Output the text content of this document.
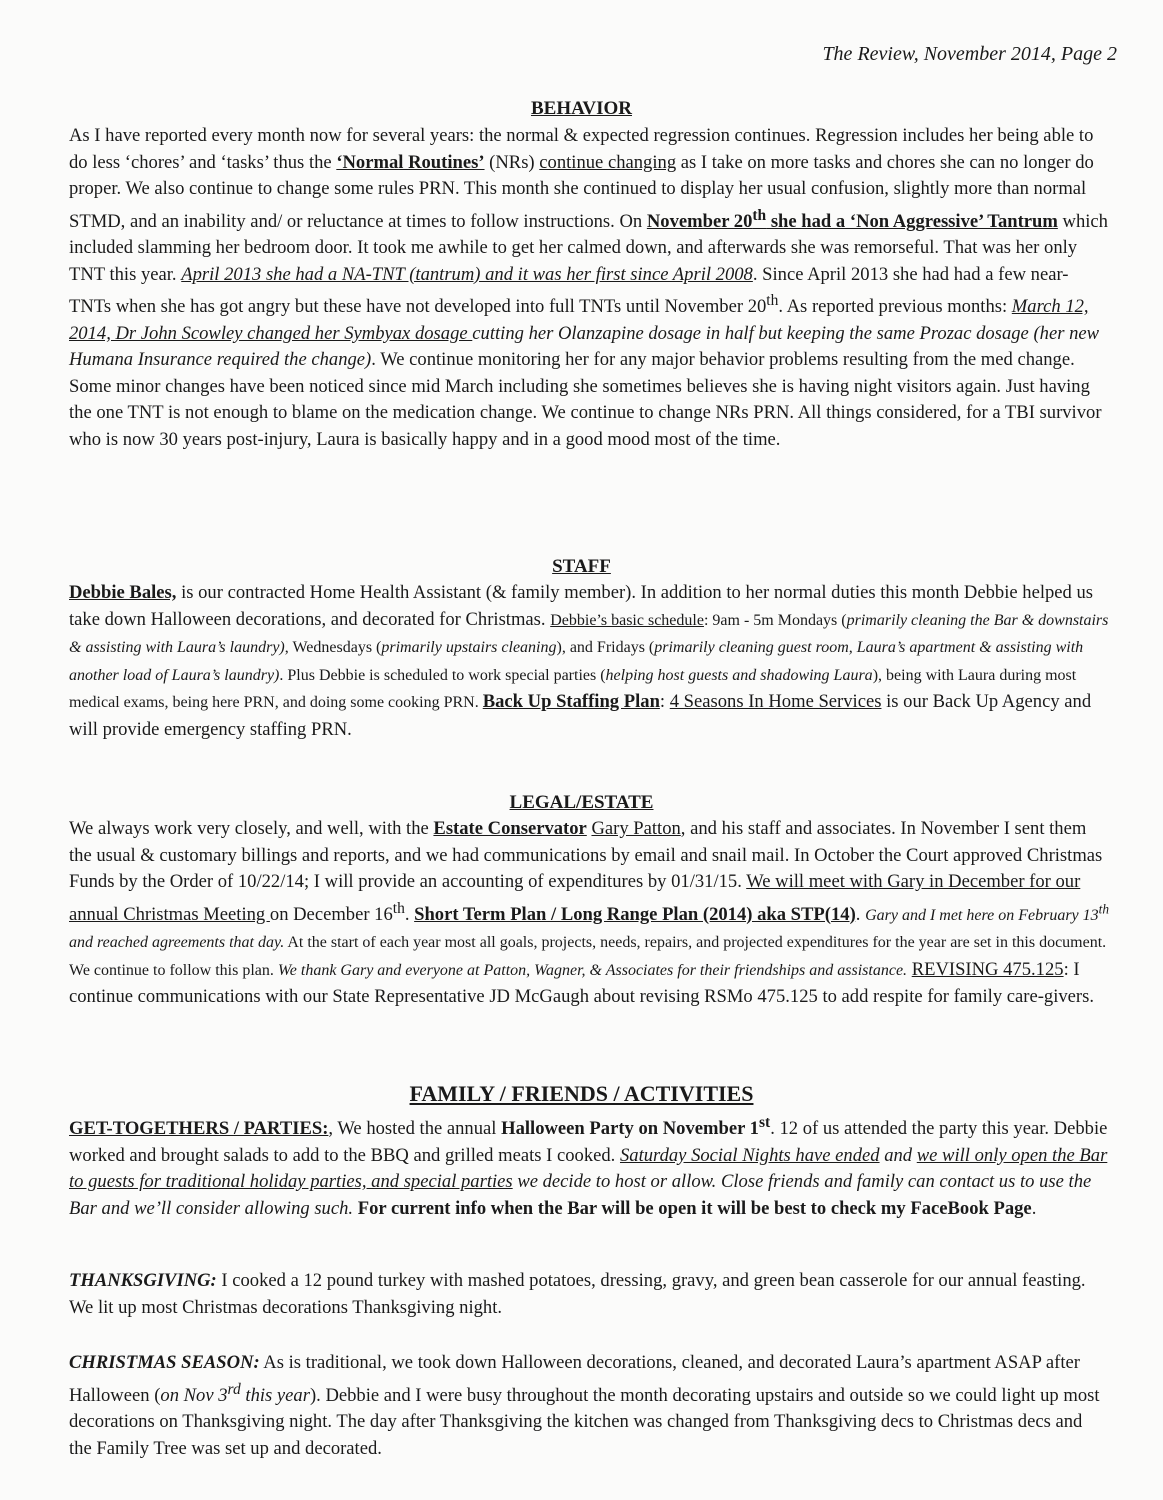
The Review, November 2014, Page 2
BEHAVIOR

As I have reported every month now for several years: the normal & expected regression continues. Regression includes her being able to do less ‘chores’ and ‘tasks’ thus the ‘Normal Routines’ (NRs) continue changing as I take on more tasks and chores she can no longer do proper. We also continue to change some rules PRN. This month she continued to display her usual confusion, slightly more than normal STMD, and an inability and/ or reluctance at times to follow instructions. On November 20th she had a ‘Non Aggressive’ Tantrum which included slamming her bedroom door. It took me awhile to get her calmed down, and afterwards she was remorseful. That was her only TNT this year. April 2013 she had a NA-TNT (tantrum) and it was her first since April 2008. Since April 2013 she had had a few near-TNTs when she has got angry but these have not developed into full TNTs until November 20th. As reported previous months: March 12, 2014, Dr John Scowley changed her Symbyax dosage cutting her Olanzapine dosage in half but keeping the same Prozac dosage (her new Humana Insurance required the change). We continue monitoring her for any major behavior problems resulting from the med change. Some minor changes have been noticed since mid March including she sometimes believes she is having night visitors again. Just having the one TNT is not enough to blame on the medication change. We continue to change NRs PRN. All things considered, for a TBI survivor who is now 30 years post-injury, Laura is basically happy and in a good mood most of the time.

STAFF

Debbie Bales, is our contracted Home Health Assistant (& family member). In addition to her normal duties this month Debbie helped us take down Halloween decorations, and decorated for Christmas. Debbie’s basic schedule: 9am - 5m Mondays (primarily cleaning the Bar & downstairs & assisting with Laura’s laundry), Wednesdays (primarily upstairs cleaning), and Fridays (primarily cleaning guest room, Laura’s apartment & assisting with another load of Laura’s laundry). Plus Debbie is scheduled to work special parties (helping host guests and shadowing Laura), being with Laura during most medical exams, being here PRN, and doing some cooking PRN. Back Up Staffing Plan: 4 Seasons In Home Services is our Back Up Agency and will provide emergency staffing PRN.

LEGAL/ESTATE

We always work very closely, and well, with the Estate Conservator Gary Patton, and his staff and associates. In November I sent them the usual & customary billings and reports, and we had communications by email and snail mail. In October the Court approved Christmas Funds by the Order of 10/22/14; I will provide an accounting of expenditures by 01/31/15. We will meet with Gary in December for our annual Christmas Meeting on December 16th. Short Term Plan / Long Range Plan (2014) aka STP(14). Gary and I met here on February 13th and reached agreements that day. At the start of each year most all goals, projects, needs, repairs, and projected expenditures for the year are set in this document. We continue to follow this plan. We thank Gary and everyone at Patton, Wagner, & Associates for their friendships and assistance. REVISING 475.125: I continue communications with our State Representative JD McGaugh about revising RSMo 475.125 to add respite for family care-givers.

FAMILY / FRIENDS / ACTIVITIES

GET-TOGETHERS / PARTIES:, We hosted the annual Halloween Party on November 1st. 12 of us attended the party this year. Debbie worked and brought salads to add to the BBQ and grilled meats I cooked. Saturday Social Nights have ended and we will only open the Bar to guests for traditional holiday parties, and special parties we decide to host or allow. Close friends and family can contact us to use the Bar and we’ll consider allowing such. For current info when the Bar will be open it will be best to check my FaceBook Page.

THANKSGIVING: I cooked a 12 pound turkey with mashed potatoes, dressing, gravy, and green bean casserole for our annual feasting. We lit up most Christmas decorations Thanksgiving night.

CHRISTMAS SEASON: As is traditional, we took down Halloween decorations, cleaned, and decorated Laura’s apartment ASAP after Halloween (on Nov 3rd this year). Debbie and I were busy throughout the month decorating upstairs and outside so we could light up most decorations on Thanksgiving night. The day after Thanksgiving the kitchen was changed from Thanksgiving decs to Christmas decs and the Family Tree was set up and decorated.
